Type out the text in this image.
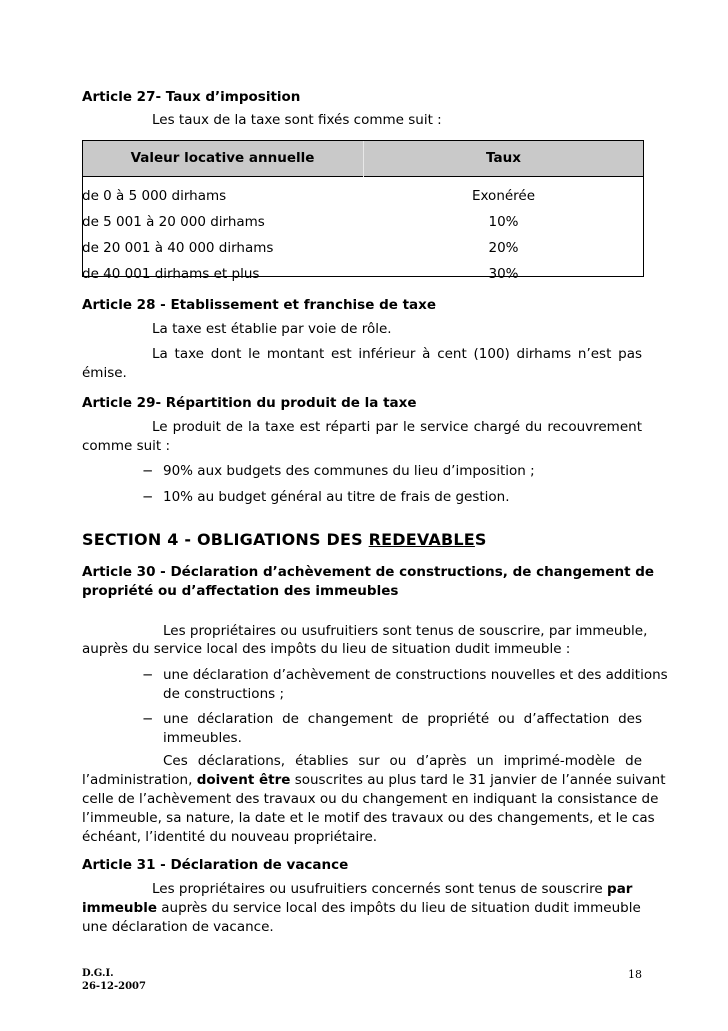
Article 27- Taux d’imposition
Les taux de la taxe sont fixés comme suit :
Valeur locative annuelle	Taux
de 0 à 5 000 dirhams	Exonérée
de 5 001 à 20 000 dirhams	10%
de 20 001 à 40 000 dirhams	20%
de 40 001 dirhams et plus	30%
Article 28 - Etablissement et franchise de taxe
La taxe est établie par voie de rôle.
La taxe dont le montant est inférieur à cent (100) dirhams n’est pas
émise.
Article 29- Répartition du produit de la taxe
Le produit de la taxe est réparti par le service chargé du recouvrement
comme suit :
− 90% aux budgets des communes du lieu d’imposition ;
− 10% au budget général au titre de frais de gestion.
SECTION 4 - OBLIGATIONS DES REDEVABLES
Article 30 - Déclaration d’achèvement de constructions, de changement de
propriété ou d’affectation des immeubles
Les propriétaires ou usufruitiers sont tenus de souscrire, par immeuble,
auprès du service local des impôts du lieu de situation dudit immeuble :
− une déclaration d’achèvement de constructions nouvelles et des additions
de constructions ;
− une déclaration de changement de propriété ou d’affectation des
immeubles.
Ces déclarations, établies sur ou d’après un imprimé-modèle de
l’administration, doivent être souscrites au plus tard le 31 janvier de l’année suivant
celle de l’achèvement des travaux ou du changement en indiquant la consistance de
l’immeuble, sa nature, la date et le motif des travaux ou des changements, et le cas
échéant, l’identité du nouveau propriétaire.
Article 31 - Déclaration de vacance
Les propriétaires ou usufruitiers concernés sont tenus de souscrire par
immeuble auprès du service local des impôts du lieu de situation dudit immeuble
une déclaration de vacance.
D.G.I.
26-12-2007
18
